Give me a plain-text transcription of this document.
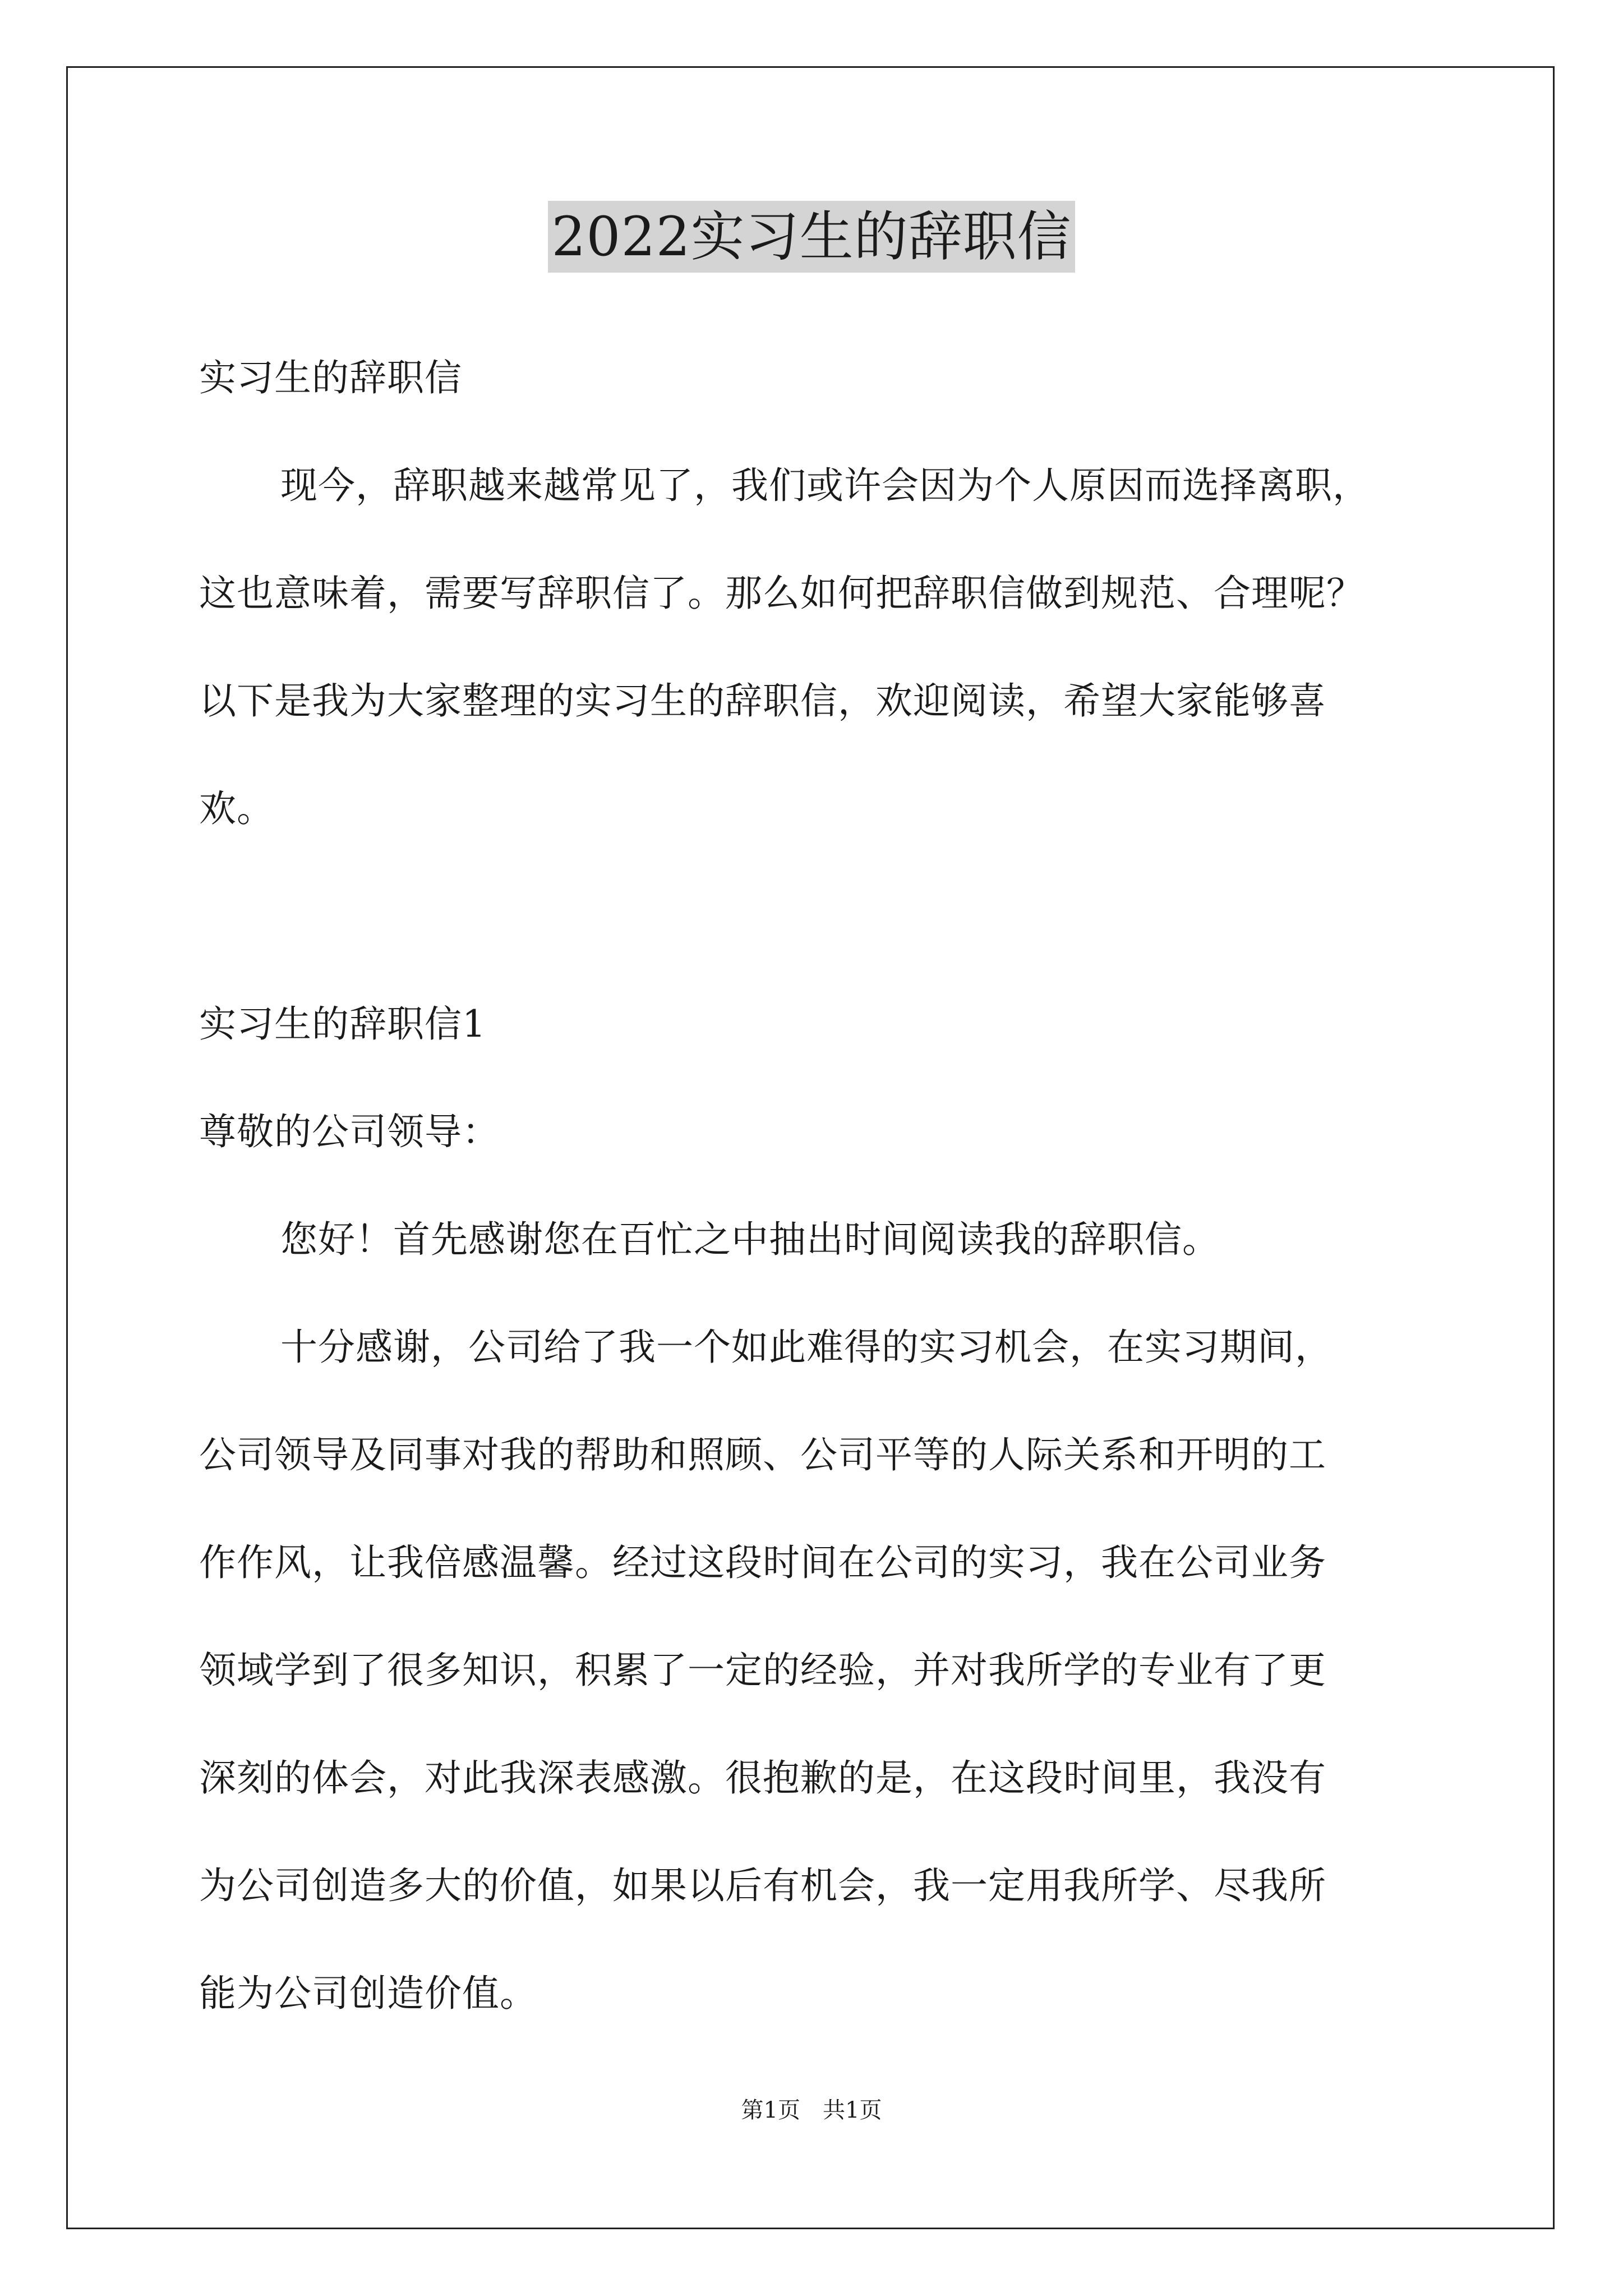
2022实习生的辞职信
实习生的辞职信
现今，辞职越来越常见了，我们或许会因为个人原因而选择离职，
这也意味着，需要写辞职信了。那么如何把辞职信做到规范、合理呢？
以下是我为大家整理的实习生的辞职信，欢迎阅读，希望大家能够喜
欢。
实习生的辞职信1
尊敬的公司领导：
您好！首先感谢您在百忙之中抽出时间阅读我的辞职信。
十分感谢，公司给了我一个如此难得的实习机会，在实习期间，
公司领导及同事对我的帮助和照顾、公司平等的人际关系和开明的工
作作风，让我倍感温馨。经过这段时间在公司的实习，我在公司业务
领域学到了很多知识，积累了一定的经验，并对我所学的专业有了更
深刻的体会，对此我深表感激。很抱歉的是，在这段时间里，我没有
为公司创造多大的价值，如果以后有机会，我一定用我所学、尽我所
能为公司创造价值。
第1页　共1页
